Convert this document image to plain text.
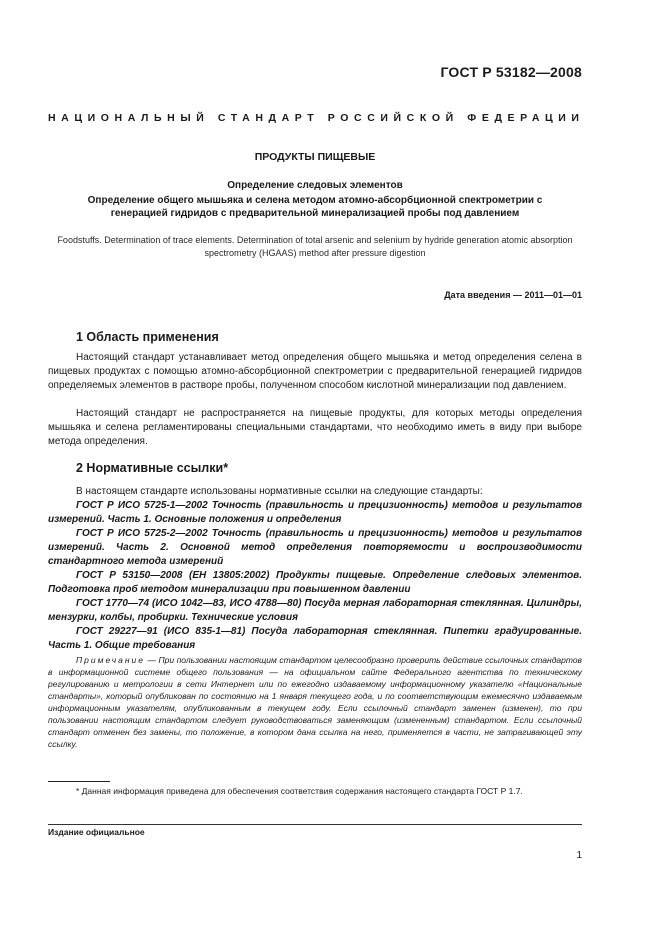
ГОСТ Р 53182—2008
НАЦИОНАЛЬНЫЙ СТАНДАРТ РОССИЙСКОЙ ФЕДЕРАЦИИ
ПРОДУКТЫ ПИЩЕВЫЕ
Определение следовых элементов
Определение общего мышьяка и селена методом атомно-абсорбционной спектрометрии с генерацией гидридов с предварительной минерализацией пробы под давлением
Foodstuffs. Determination of trace elements. Determination of total arsenic and selenium by hydride generation atomic absorption spectrometry (HGAAS) method after pressure digestion
Дата введения — 2011—01—01
1 Область применения
Настоящий стандарт устанавливает метод определения общего мышьяка и метод определения селена в пищевых продуктах с помощью атомно-абсорбционной спектрометрии с предварительной генерацией гидридов определяемых элементов в растворе пробы, полученном способом кислотной минерализации под давлением.
Настоящий стандарт не распространяется на пищевые продукты, для которых методы определения мышьяка и селена регламентированы специальными стандартами, что необходимо иметь в виду при выборе метода определения.
2 Нормативные ссылки*
В настоящем стандарте использованы нормативные ссылки на следующие стандарты:
ГОСТ Р ИСО 5725-1—2002 Точность (правильность и прецизионность) методов и результатов измерений. Часть 1. Основные положения и определения
ГОСТ Р ИСО 5725-2—2002 Точность (правильность и прецизионность) методов и результатов измерений. Часть 2. Основной метод определения повторяемости и воспроизводимости стандартного метода измерений
ГОСТ Р 53150—2008 (ЕН 13805:2002) Продукты пищевые. Определение следовых элементов. Подготовка проб методом минерализации при повышенном давлении
ГОСТ 1770—74 (ИСО 1042—83, ИСО 4788—80) Посуда мерная лабораторная стеклянная. Цилиндры, мензурки, колбы, пробирки. Технические условия
ГОСТ 29227—91 (ИСО 835-1—81) Посуда лабораторная стеклянная. Пипетки градуированные. Часть 1. Общие требования
Примечание — При пользовании настоящим стандартом целесообразно проверить действие ссылочных стандартов в информационной системе общего пользования — на официальном сайте Федерального агентства по техническому регулированию и метрологии в сети Интернет или по ежегодно издаваемому информационному указателю «Национальные стандарты», который опубликован по состоянию на 1 января текущего года, и по соответствующим ежемесячно издаваемым информационным указателям, опубликованным в текущем году. Если ссылочный стандарт заменен (изменен), то при пользовании настоящим стандартом следует руководствоваться заменяющим (измененным) стандартом. Если ссылочный стандарт отменен без замены, то положение, в котором дана ссылка на него, применяется в части, не затрагивающей эту ссылку.
* Данная информация приведена для обеспечения соответствия содержания настоящего стандарта ГОСТ Р 1.7.
Издание официальное
1
